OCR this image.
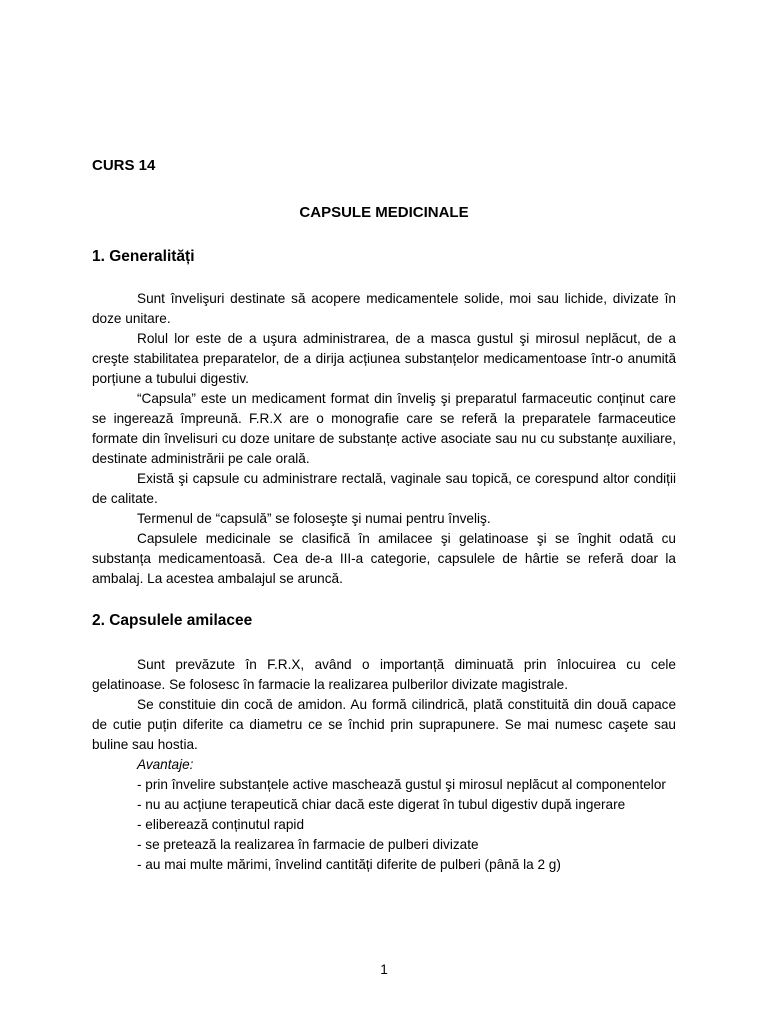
CURS 14
CAPSULE MEDICINALE
1. Generalități

Sunt învelişuri destinate să acopere medicamentele solide, moi sau lichide, divizate în doze unitare.

Rolul lor este de a uşura administrarea, de a masca gustul şi mirosul neplăcut, de a creşte stabilitatea preparatelor, de a dirija acțiunea substanțelor medicamentoase într-o anumită porțiune a tubului digestiv.

“Capsula” este un medicament format din înveliş şi preparatul farmaceutic conținut care se ingerează împreună. F.R.X are o monografie care se referă la preparatele farmaceutice formate din învelisuri cu doze unitare de substanțe active asociate sau nu cu substanțe auxiliare, destinate administrării pe cale orală.

Există şi capsule cu administrare rectală, vaginale sau topică, ce corespund altor condiții de calitate.

Termenul de “capsulă” se foloseşte şi numai pentru înveliş.

Capsulele medicinale se clasifică în amilacee şi gelatinoase şi se înghit odată cu substanța medicamentoasă. Cea de-a III-a categorie, capsulele de hârtie se referă doar la ambalaj. La acestea ambalajul se aruncă.

2. Capsulele amilacee

Sunt prevăzute în F.R.X, având o importanță diminuată prin înlocuirea cu cele gelatinoase. Se folosesc în farmacie la realizarea pulberilor divizate magistrale.

Se constituie din cocă de amidon. Au formă cilindrică, plată constituită din două capace de cutie puțin diferite ca diametru ce se închid prin suprapunere. Se mai numesc caşete sau buline sau hostia.

Avantaje:

- prin învelire substanțele active maschează gustul şi mirosul neplăcut al componentelor

- nu au acțiune terapeutică chiar dacă este digerat în tubul digestiv după ingerare

- eliberează conținutul rapid

- se pretează la realizarea în farmacie de pulberi divizate

- au mai multe mărimi, învelind cantități diferite de pulberi (până la 2 g)

1
